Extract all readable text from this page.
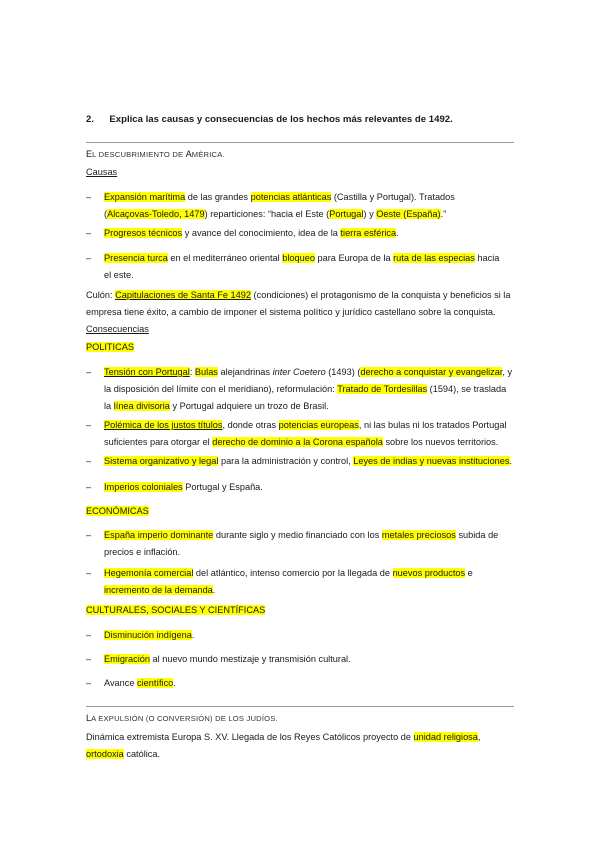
2. Explica las causas y consecuencias de los hechos más relevantes de 1492.
EL DESCUBRIMIENTO DE AMÉRICA.
Causas
– Expansión marítima de las grandes potencias atlánticas (Castilla y Portugal). Tratados
(Alcaçovas-Toledo, 1479) reparticiones: “hacia el Este (Portugal) y Oeste (España).”
– Progresos técnicos y avance del conocimiento, idea de la tierra esférica.
– Presencia turca en el mediterráneo oriental bloqueo para Europa de la ruta de las especias hacia
el este.
Culón: Capitulaciones de Santa Fe 1492 (condiciones) el protagonismo de la conquista y beneficios si la
empresa tiene éxito, a cambio de imponer el sistema político y jurídico castellano sobre la conquista.
Consecuencias
POLITICAS
– Tensión con Portugal: Bulas alejandrinas inter Coetero (1493) (derecho a conquistar y evangelizar, y
la disposición del límite con el meridiano), reformulación: Tratado de Tordesillas (1594), se traslada
la línea divisoria y Portugal adquiere un trozo de Brasil.
– Polémica de los justos títulos, donde otras potencias europeas, ni las bulas ni los tratados Portugal
suficientes para otorgar el derecho de dominio a la Corona española sobre los nuevos territorios.
– Sistema organizativo y legal para la administración y control, Leyes de indias y nuevas instituciones.
– Imperios coloniales Portugal y España.
ECONÓMICAS
– España imperio dominante durante siglo y medio financiado con los metales preciosos subida de
precios e inflación.
– Hegemonía comercial del atlántico, intenso comercio por la llegada de nuevos productos e
incremento de la demanda.
CULTURALES, SOCIALES Y CIENTÍFICAS
– Disminución indígena.
– Emigración al nuevo mundo mestizaje y transmisión cultural.
– Avance científico.
LA EXPULSIÓN (O CONVERSIÓN) DE LOS JUDÍOS.
Dinámica extremista Europa S. XV. Llegada de los Reyes Católicos proyecto de unidad religiosa,
ortodoxia católica.
